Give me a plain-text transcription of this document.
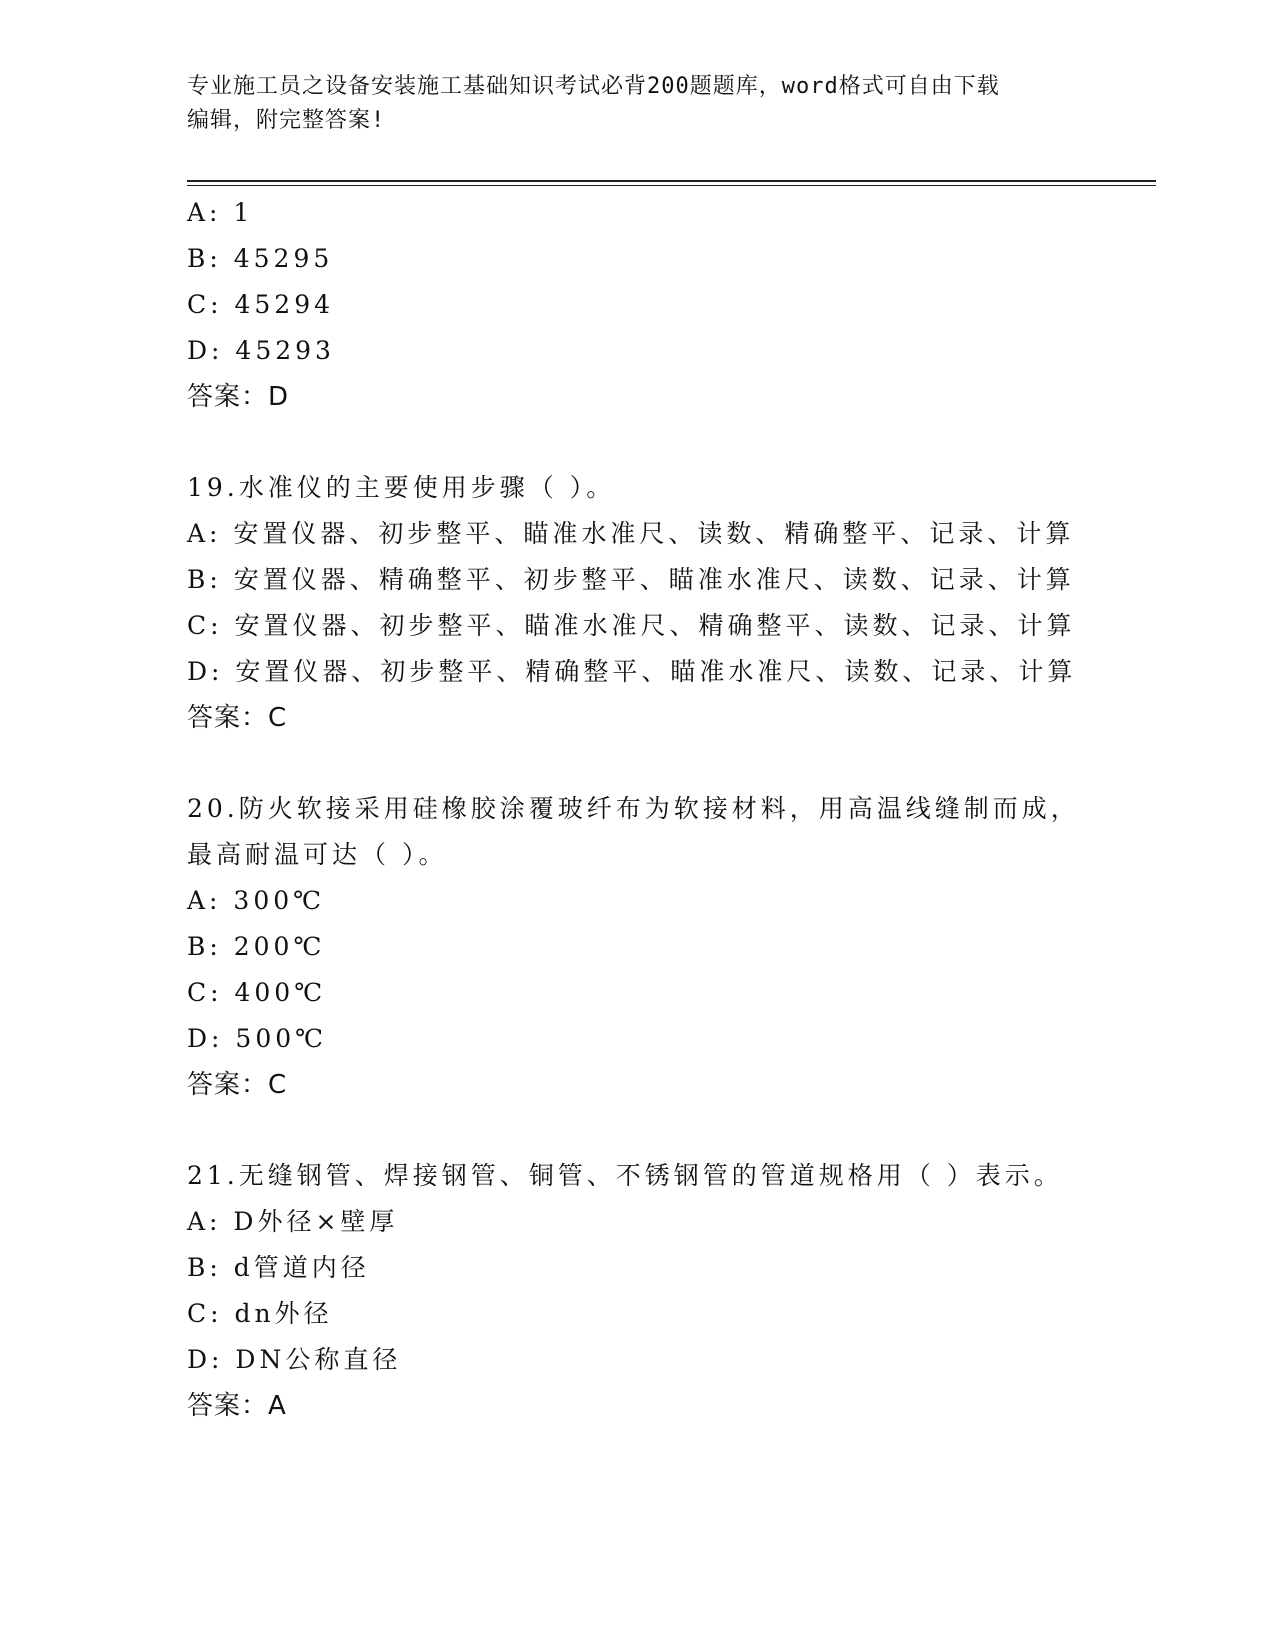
专业施工员之设备安装施工基础知识考试必背200题题库，word格式可自由下载
编辑，附完整答案!
A: 1
B: 45295
C: 45294
D: 45293
答案：D
19.水准仪的主要使用步骤（ ）。
A: 安置仪器、初步整平、瞄准水准尺、读数、精确整平、记录、计算
B: 安置仪器、精确整平、初步整平、瞄准水准尺、读数、记录、计算
C: 安置仪器、初步整平、瞄准水准尺、精确整平、读数、记录、计算
D: 安置仪器、初步整平、精确整平、瞄准水准尺、读数、记录、计算
答案：C
20.防火软接采用硅橡胶涂覆玻纤布为软接材料，用高温线缝制而成，
最高耐温可达（ ）。
A: 300℃
B: 200℃
C: 400℃
D: 500℃
答案：C
21.无缝钢管、焊接钢管、铜管、不锈钢管的管道规格用（ ）表示。
A: D外径×壁厚
B: d管道内径
C: dn外径
D: DN公称直径
答案：A
